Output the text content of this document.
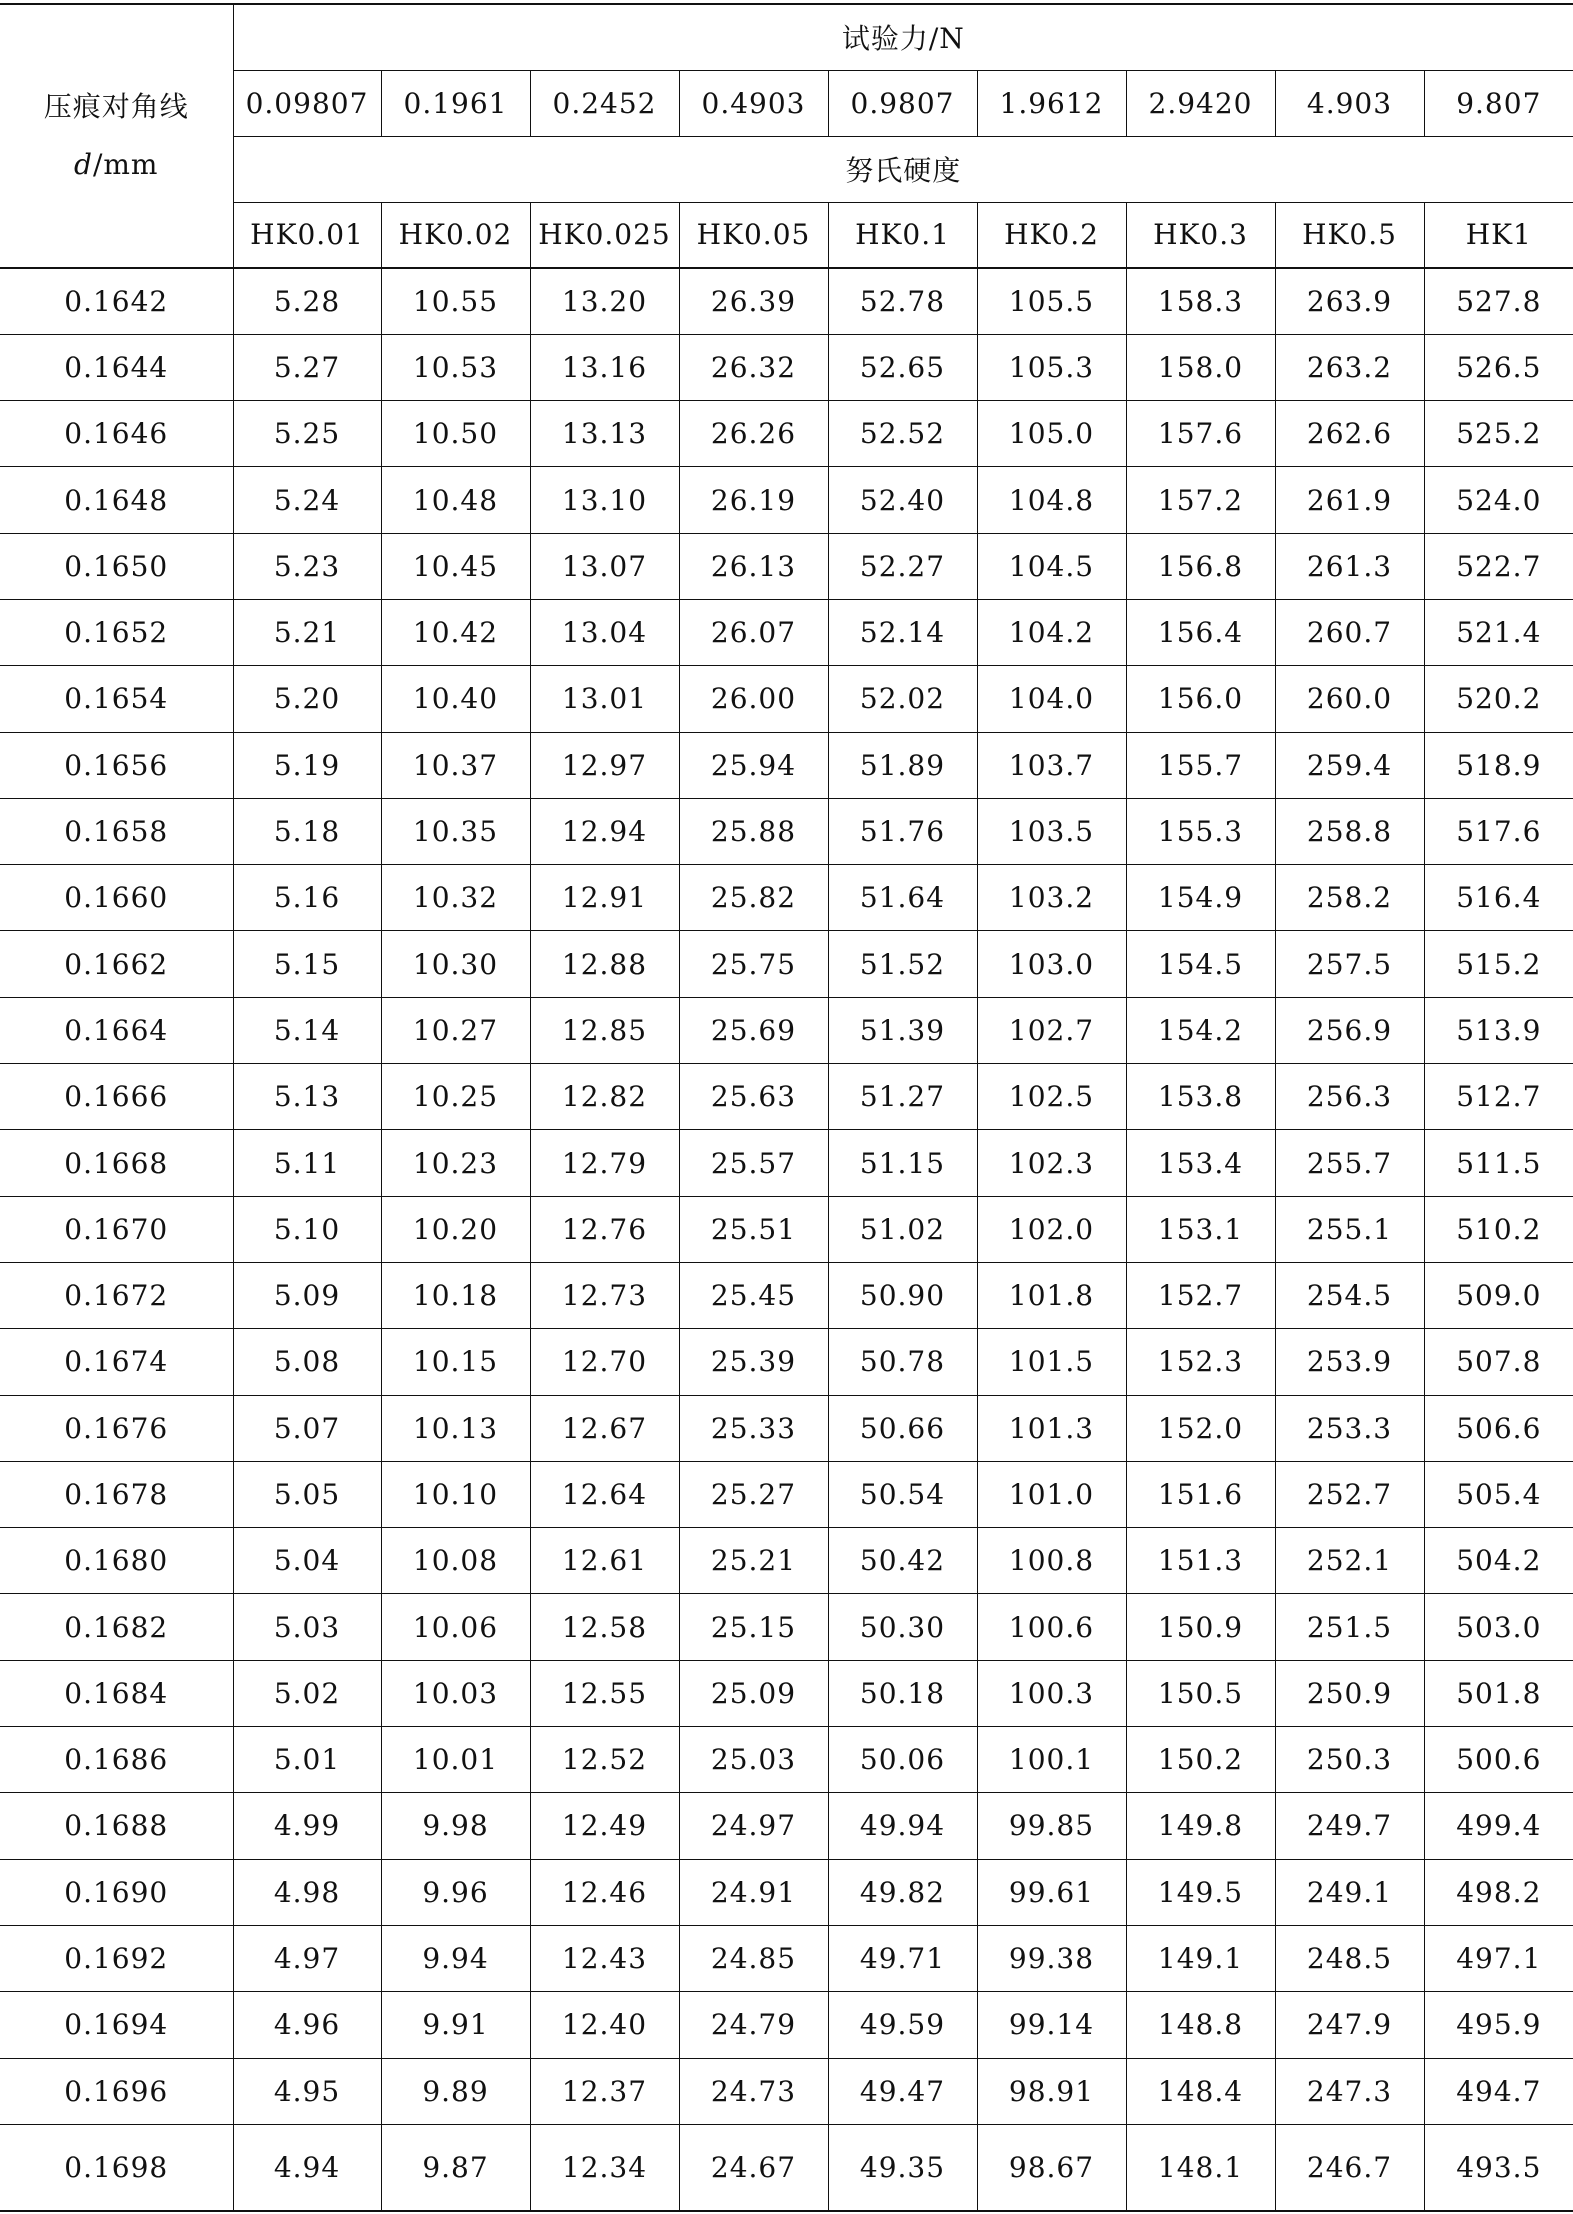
压痕对角线
d/mm	试验力/N								
	0.09807	0.1961	0.2452	0.4903	0.9807	1.9612	2.9420	4.903	9.807
	努氏硬度								
	HK0.01	HK0.02	HK0.025	HK0.05	HK0.1	HK0.2	HK0.3	HK0.5	HK1
0.1642	5.28	10.55	13.20	26.39	52.78	105.5	158.3	263.9	527.8
0.1644	5.27	10.53	13.16	26.32	52.65	105.3	158.0	263.2	526.5
0.1646	5.25	10.50	13.13	26.26	52.52	105.0	157.6	262.6	525.2
0.1648	5.24	10.48	13.10	26.19	52.40	104.8	157.2	261.9	524.0
0.1650	5.23	10.45	13.07	26.13	52.27	104.5	156.8	261.3	522.7
0.1652	5.21	10.42	13.04	26.07	52.14	104.2	156.4	260.7	521.4
0.1654	5.20	10.40	13.01	26.00	52.02	104.0	156.0	260.0	520.2
0.1656	5.19	10.37	12.97	25.94	51.89	103.7	155.7	259.4	518.9
0.1658	5.18	10.35	12.94	25.88	51.76	103.5	155.3	258.8	517.6
0.1660	5.16	10.32	12.91	25.82	51.64	103.2	154.9	258.2	516.4
0.1662	5.15	10.30	12.88	25.75	51.52	103.0	154.5	257.5	515.2
0.1664	5.14	10.27	12.85	25.69	51.39	102.7	154.2	256.9	513.9
0.1666	5.13	10.25	12.82	25.63	51.27	102.5	153.8	256.3	512.7
0.1668	5.11	10.23	12.79	25.57	51.15	102.3	153.4	255.7	511.5
0.1670	5.10	10.20	12.76	25.51	51.02	102.0	153.1	255.1	510.2
0.1672	5.09	10.18	12.73	25.45	50.90	101.8	152.7	254.5	509.0
0.1674	5.08	10.15	12.70	25.39	50.78	101.5	152.3	253.9	507.8
0.1676	5.07	10.13	12.67	25.33	50.66	101.3	152.0	253.3	506.6
0.1678	5.05	10.10	12.64	25.27	50.54	101.0	151.6	252.7	505.4
0.1680	5.04	10.08	12.61	25.21	50.42	100.8	151.3	252.1	504.2
0.1682	5.03	10.06	12.58	25.15	50.30	100.6	150.9	251.5	503.0
0.1684	5.02	10.03	12.55	25.09	50.18	100.3	150.5	250.9	501.8
0.1686	5.01	10.01	12.52	25.03	50.06	100.1	150.2	250.3	500.6
0.1688	4.99	9.98	12.49	24.97	49.94	99.85	149.8	249.7	499.4
0.1690	4.98	9.96	12.46	24.91	49.82	99.61	149.5	249.1	498.2
0.1692	4.97	9.94	12.43	24.85	49.71	99.38	149.1	248.5	497.1
0.1694	4.96	9.91	12.40	24.79	49.59	99.14	148.8	247.9	495.9
0.1696	4.95	9.89	12.37	24.73	49.47	98.91	148.4	247.3	494.7
0.1698	4.94	9.87	12.34	24.67	49.35	98.67	148.1	246.7	493.5
